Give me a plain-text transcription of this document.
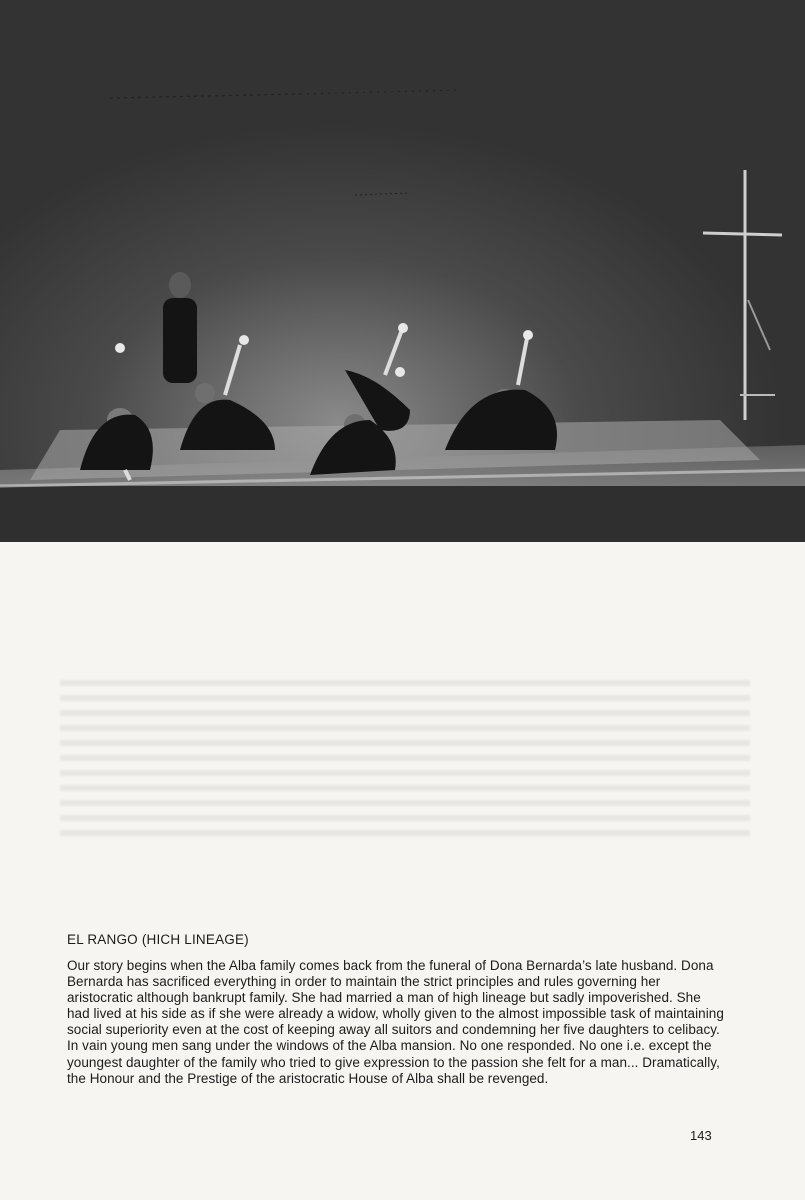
EL RANGO (HICH LINEAGE)

Our story begins when the Alba family comes back from the funeral of Dona Bernarda’s late husband. Dona Bernarda has sacrificed everything in order to maintain the strict principles and rules governing her aristocratic although bankrupt family. She had married a man of high lineage but sadly impoverished. She had lived at his side as if she were already a widow, wholly given to the almost impossible task of maintaining social superiority even at the cost of keeping away all suitors and condemning her five daughters to celibacy. In vain young men sang under the windows of the Alba mansion. No one responded. No one i.e. except the youngest daughter of the family who tried to give expression to the passion she felt for a man... Dramatically, the Honour and the Prestige of the aristocratic House of Alba shall be revenged.

143
